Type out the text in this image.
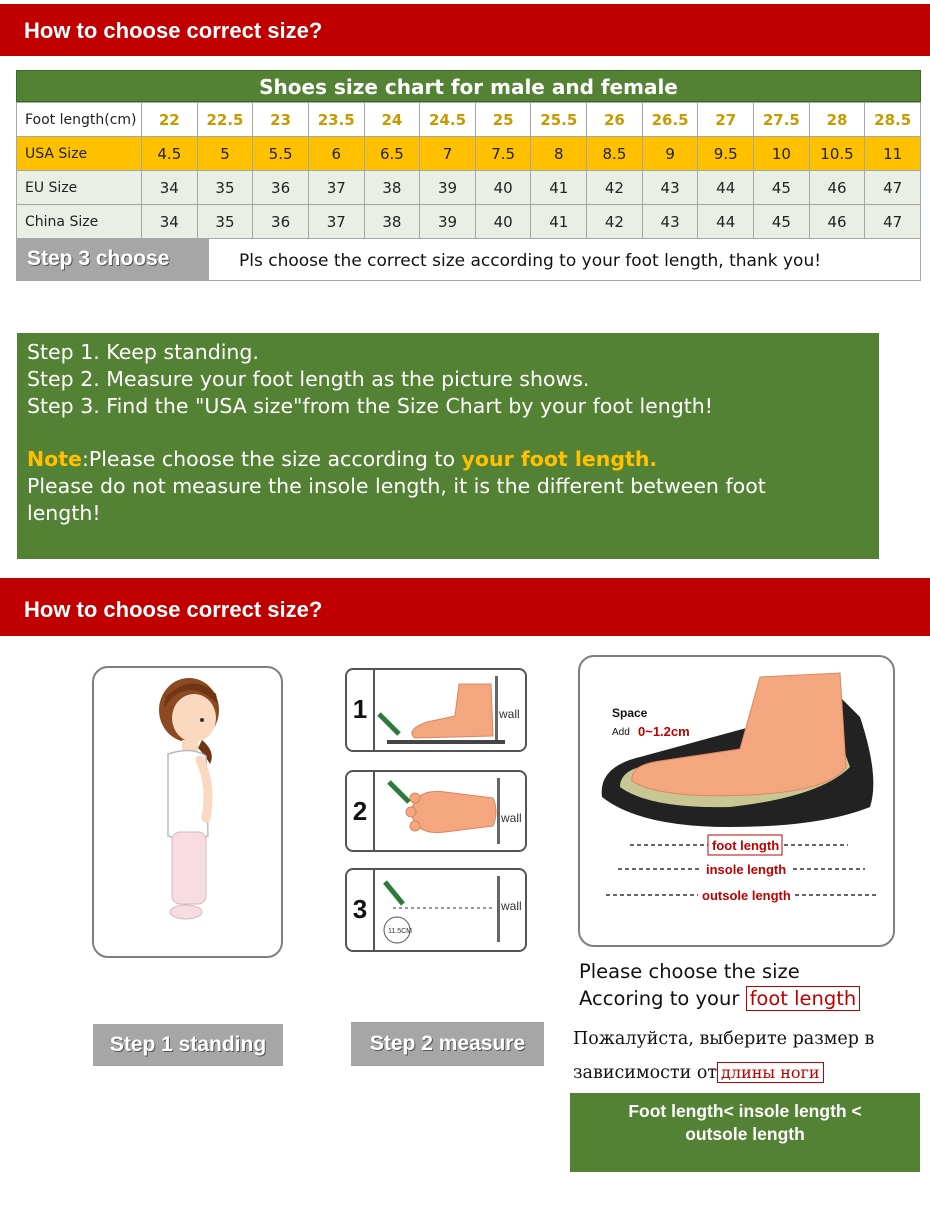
How to choose correct size?
Shoes size chart for male and female
Foot length(cm)	22	22.5	23	23.5	24	24.5	25	25.5	26	26.5	27	27.5	28	28.5
USA Size	4.5	5	5.5	6	6.5	7	7.5	8	8.5	9	9.5	10	10.5	11
EU Size	34	35	36	37	38	39	40	41	42	43	44	45	46	47
China Size	34	35	36	37	38	39	40	41	42	43	44	45	46	47
Step 3 choose	Pls choose the correct size according to your foot length, thank you!
Step 1. Keep standing.
Step 2. Measure your foot length as the picture shows.
Step 3. Find the "USA size"from the Size Chart by your foot length!
Note:Please choose the size according to your foot length.
Please do not measure the insole length, it is the different between foot
length!
How to choose correct size?
1	wall
2	wall
3
11.5CM
wall
Space
Add 0~1.2cm
foot length
insole length
outsole length
Step 1 standing	Step 2 measure
Please choose the size
Accoring to your foot length
Пожалуйста, выберите размер в
зависимости от длины ноги
Foot length< insole length <
outsole length
